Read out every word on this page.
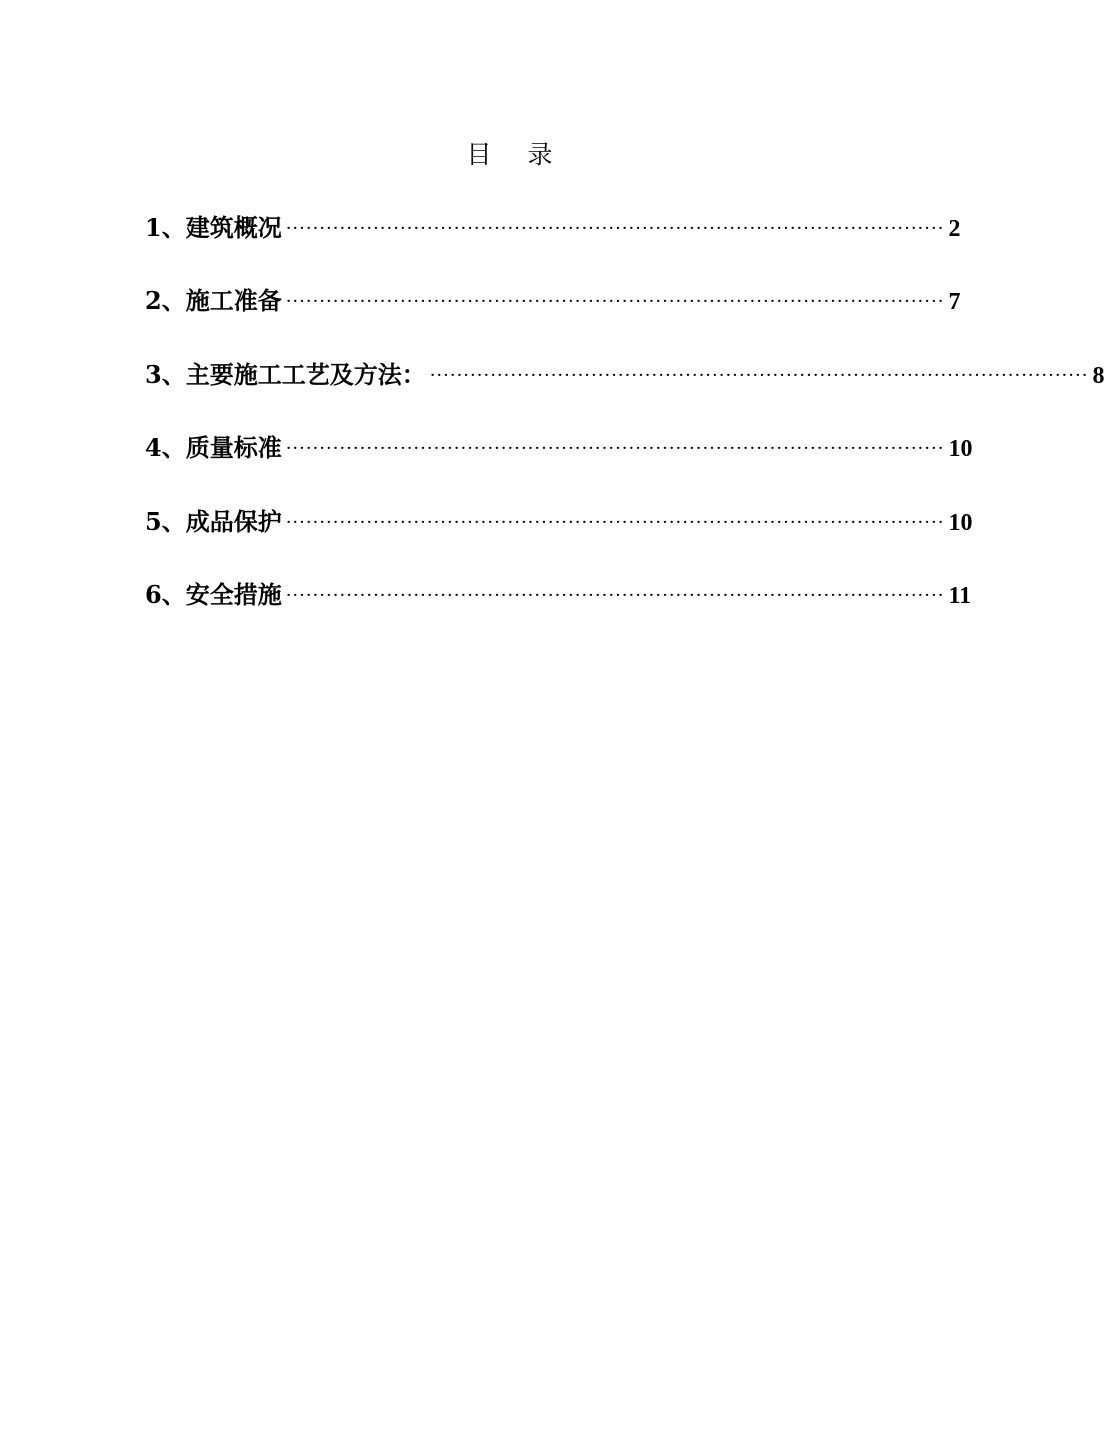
目录
1、建筑概况 ·································································································· 2
2、施工准备 ·································································································· 7
3、主要施工工艺及方法： ·································································································· 8
4、质量标准 ·································································································· 10
5、成品保护 ·································································································· 10
6、安全措施 ·································································································· 11
